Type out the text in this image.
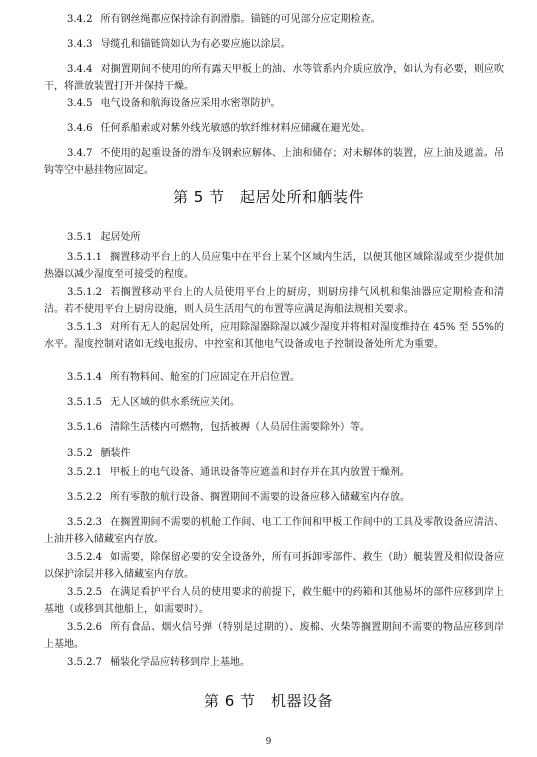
3.4.2 所有钢丝绳都应保持涂有润滑脂。锚链的可见部分应定期检查。

3.4.3 导缆孔和锚链筒如认为有必要应施以涂层。

3.4.4 对搁置期间不使用的所有露天甲板上的油、水等管系内介质应放净，如认为有必要，则应吹干，将泄放装置打开并保持干燥。

3.4.5 电气设备和航海设备应采用水密罩防护。

3.4.6 任何系船索或对紫外线光敏感的软纤维材料应储藏在避光处。

3.4.7 不使用的起重设备的滑车及钢索应解体、上油和储存；对未解体的装置，应上油及遮盖。吊钩等空中悬挂物应固定。

第 5 节　起居处所和舾装件

3.5.1 起居处所

3.5.1.1 搁置移动平台上的人员应集中在平台上某个区域内生活，以便其他区域除湿或至少提供加热器以减少湿度至可接受的程度。

3.5.1.2 若搁置移动平台上的人员使用平台上的厨房，则厨房排气风机和集油器应定期检查和清洁。若不使用平台上厨房设施，则人员生活用气的布置等应满足海船法规相关要求。

3.5.1.3 对所有无人的起居处所，应用除湿器除湿以减少湿度并将相对湿度维持在 45% 至 55%的水平。湿度控制对诸如无线电报房、中控室和其他电气设备或电子控制设备处所尤为重要。

3.5.1.4 所有物料间、舱室的门应固定在开启位置。

3.5.1.5 无人区域的供水系统应关闭。

3.5.1.6 清除生活楼内可燃物，包括被褥（人员居住需要除外）等。

3.5.2 舾装件

3.5.2.1 甲板上的电气设备、通讯设备等应遮盖和封存并在其内放置干燥剂。

3.5.2.2 所有零散的航行设备、搁置期间不需要的设备应移入储藏室内存放。

3.5.2.3 在搁置期间不需要的机舱工作间、电工工作间和甲板工作间中的工具及零散设备应清洁、上油并移入储藏室内存放。

3.5.2.4 如需要，除保留必要的安全设备外，所有可拆卸零部件、救生（助）艇装置及相似设备应以保护涂层并移入储藏室内存放。

3.5.2.5 在满足看护平台人员的使用要求的前提下，救生艇中的药箱和其他易坏的部件应移到岸上基地（或移到其他船上，如需要时）。

3.5.2.6 所有食品、烟火信号弹（特别是过期的）、废棉、火柴等搁置期间不需要的物品应移到岸上基地。

3.5.2.7 桶装化学品应转移到岸上基地。

第 6 节　机器设备

9
